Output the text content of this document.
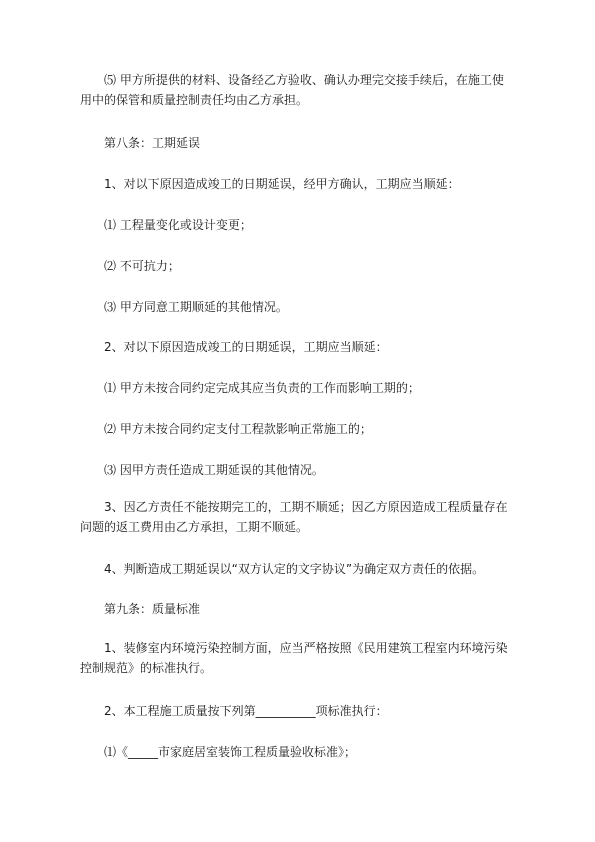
⑸ 甲方所提供的材料、设备经乙方验收、确认办理完交接手续后，在施工使用中的保管和质量控制责任均由乙方承担。

第八条：工期延误

1、对以下原因造成竣工的日期延误，经甲方确认，工期应当顺延：

⑴ 工程量变化或设计变更；

⑵ 不可抗力；

⑶ 甲方同意工期顺延的其他情况。

2、对以下原因造成竣工的日期延误，工期应当顺延：

⑴ 甲方未按合同约定完成其应当负责的工作而影响工期的；

⑵ 甲方未按合同约定支付工程款影响正常施工的；

⑶ 因甲方责任造成工期延误的其他情况。

3、因乙方责任不能按期完工的，工期不顺延；因乙方原因造成工程质量存在问题的返工费用由乙方承担，工期不顺延。

4、判断造成工期延误以“双方认定的文字协议”为确定双方责任的依据。

第九条：质量标准

1、装修室内环境污染控制方面，应当严格按照《民用建筑工程室内环境污染控制规范》的标准执行。

2、本工程施工质量按下列第__________项标准执行：

⑴《_____市家庭居室装饰工程质量验收标准》；
